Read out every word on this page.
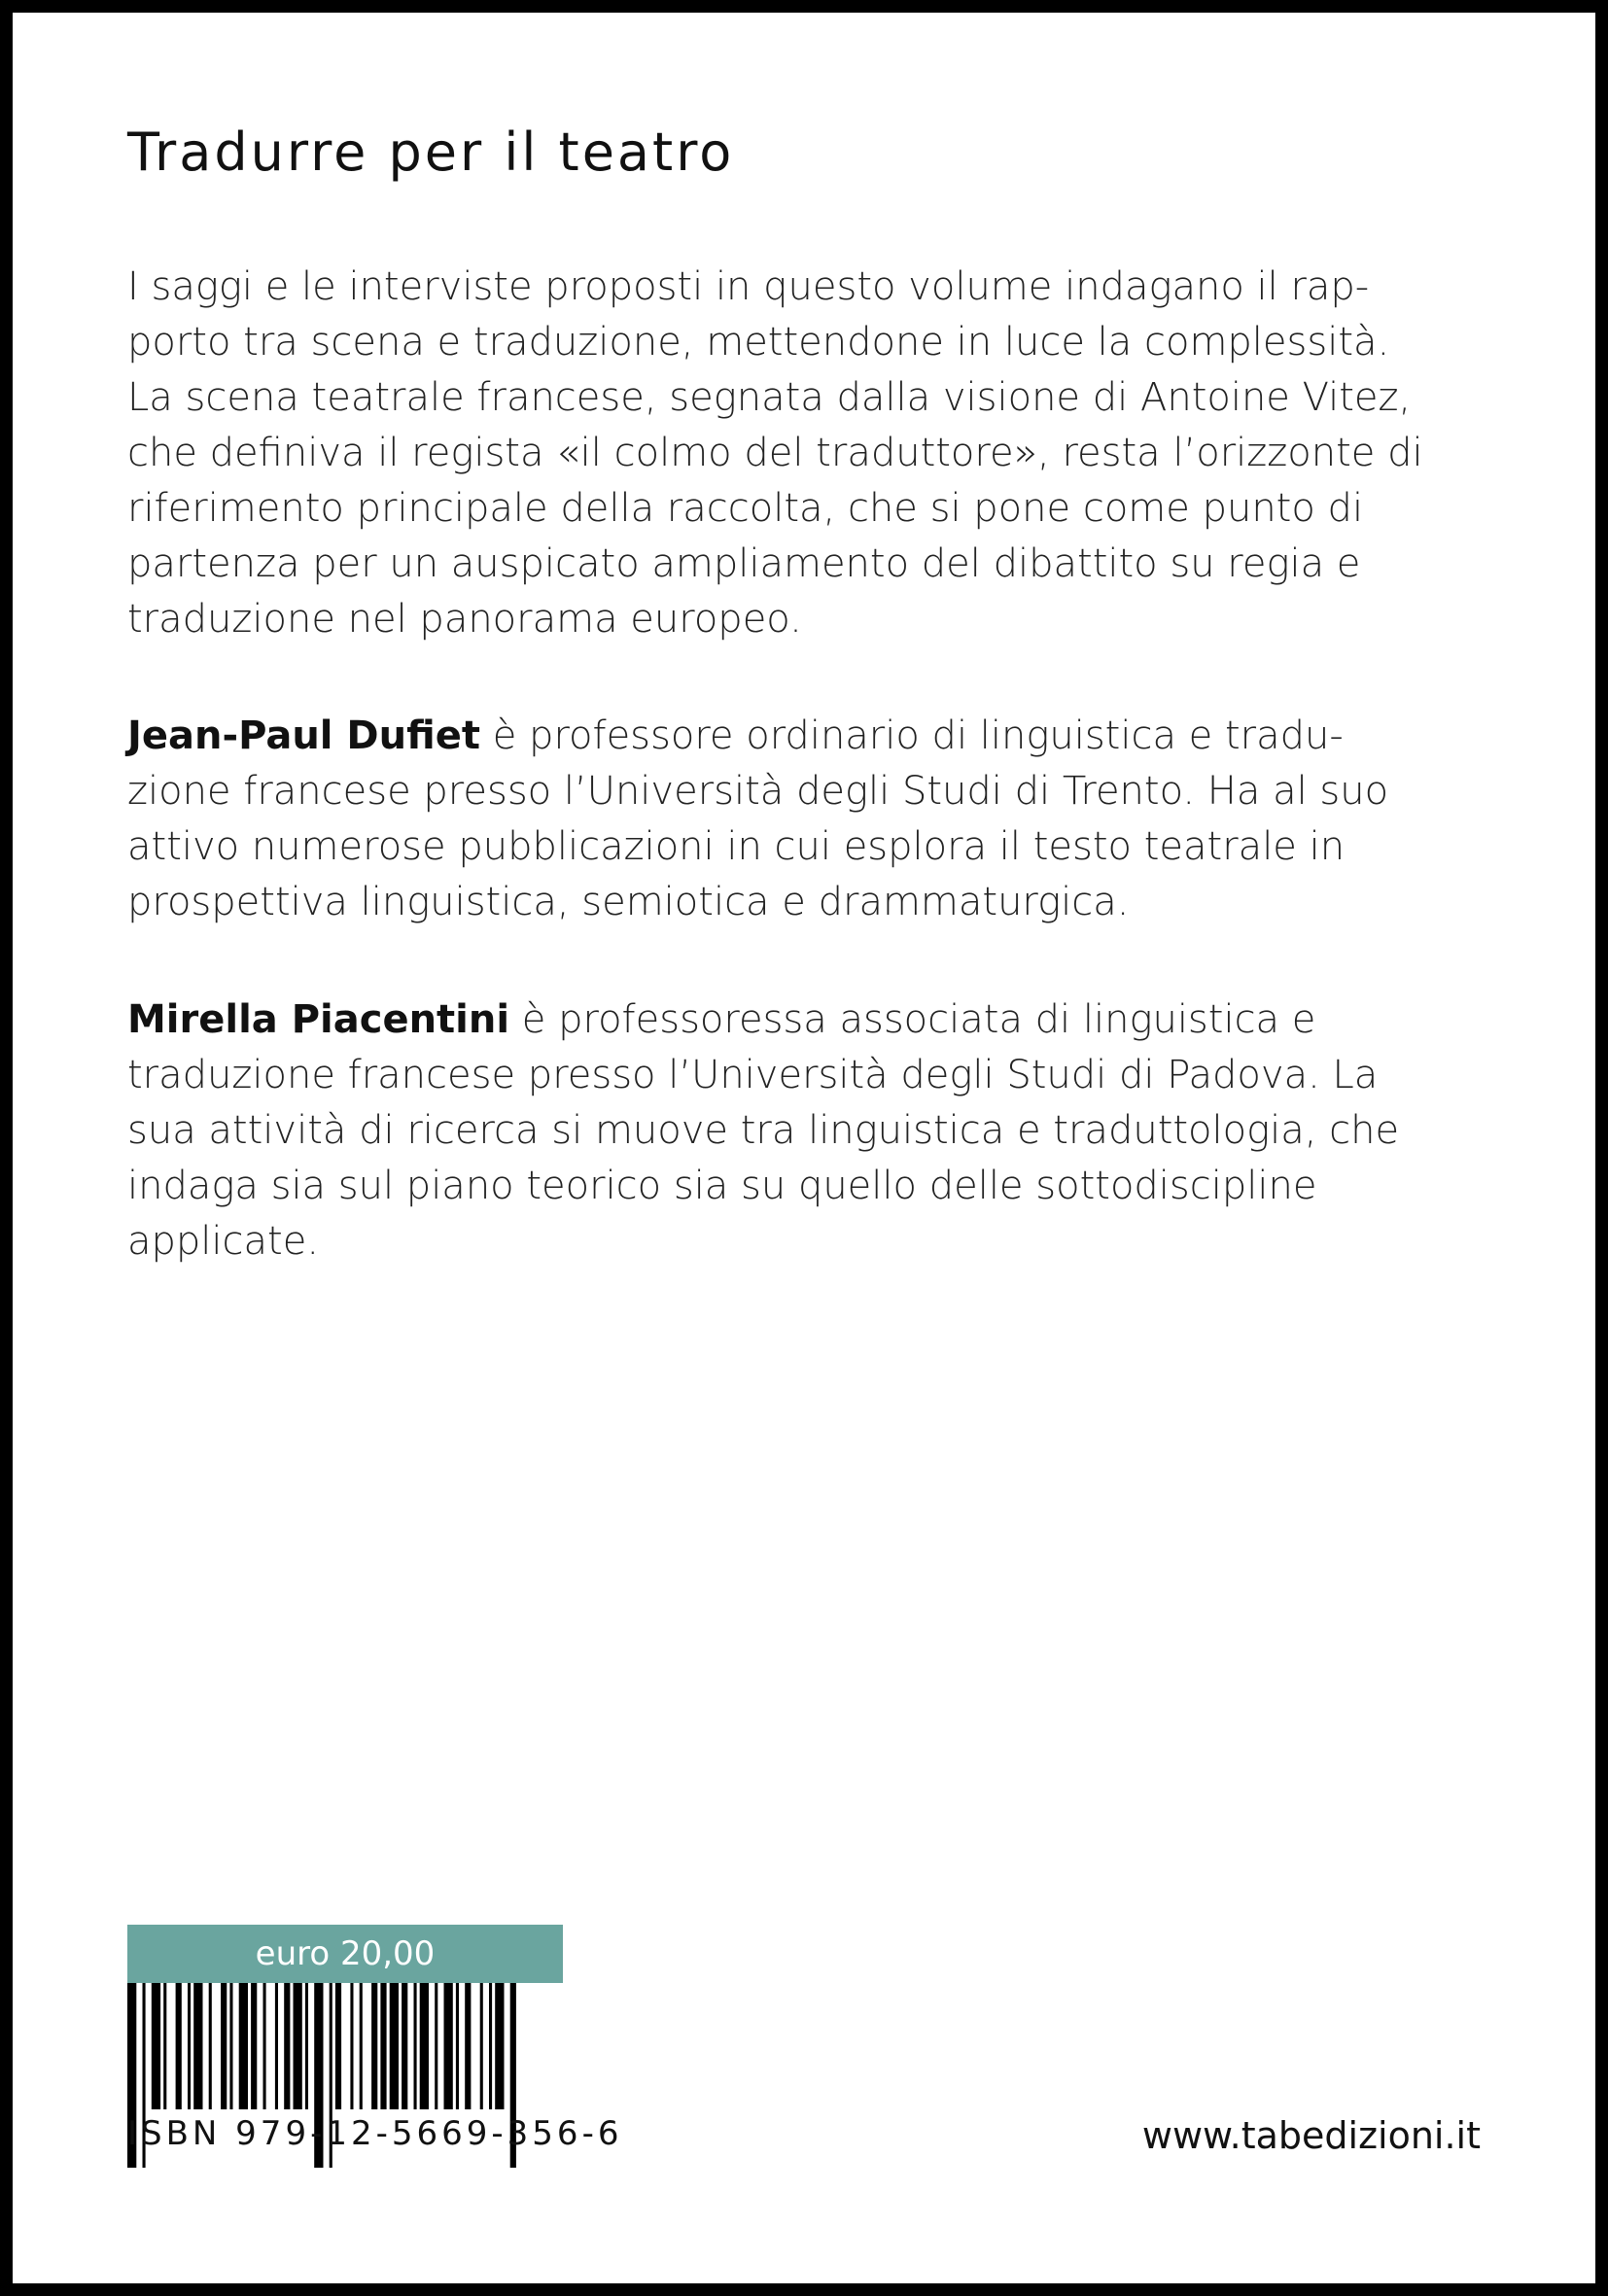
Tradurre per il teatro
I saggi e le interviste proposti in questo volume indagano il rap-
porto tra scena e traduzione, mettendone in luce la complessità.
La scena teatrale francese, segnata dalla visione di Antoine Vitez,
che definiva il regista «il colmo del traduttore», resta l’orizzonte di
riferimento principale della raccolta, che si pone come punto di
partenza per un auspicato ampliamento del dibattito su regia e
traduzione nel panorama europeo.
Jean-Paul Dufiet è professore ordinario di linguistica e tradu-
zione francese presso l’Università degli Studi di Trento. Ha al suo
attivo numerose pubblicazioni in cui esplora il testo teatrale in
prospettiva linguistica, semiotica e drammaturgica.
Mirella Piacentini è professoressa associata di linguistica e
traduzione francese presso l’Università degli Studi di Padova. La
sua attività di ricerca si muove tra linguistica e traduttologia, che
indaga sia sul piano teorico sia su quello delle sottodiscipline
applicate.
euro 20,00
ISBN 979-12-5669-356-6	www.tabedizioni.it
